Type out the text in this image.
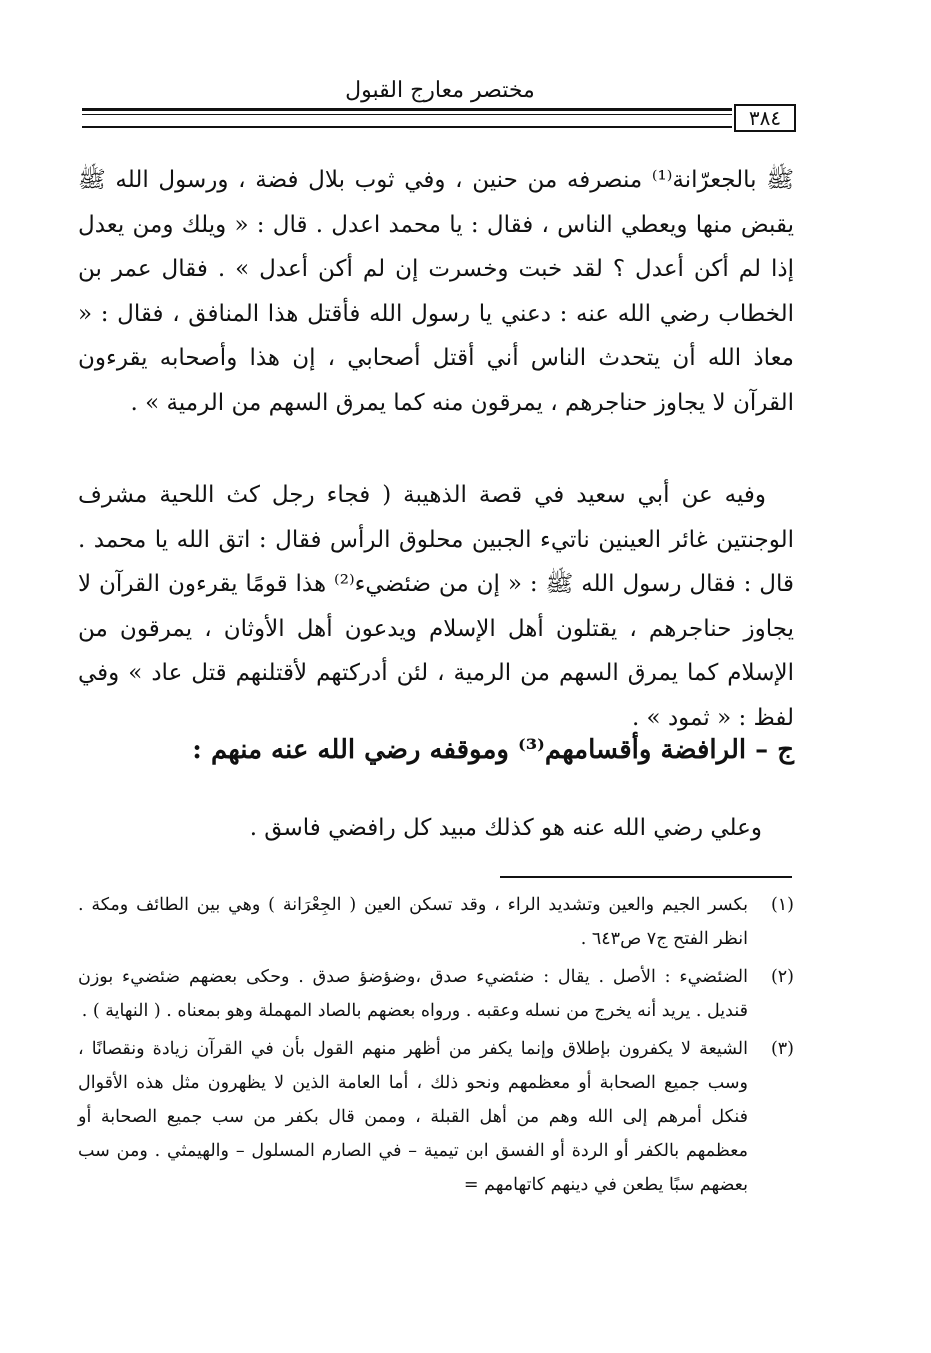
مختصر معارج القبول
٣٨٤

ﷺ بالجعرّانة⁽¹⁾ منصرفه من حنين ، وفي ثوب بلال فضة ، ورسول الله ﷺ يقبض منها ويعطي الناس ، فقال : يا محمد اعدل . قال : « ويلك ومن يعدل إذا لم أكن أعدل ؟ لقد خبت وخسرت إن لم أكن أعدل » . فقال عمر بن الخطاب رضي الله عنه : دعني يا رسول الله فأقتل هذا المنافق ، فقال : « معاذ الله أن يتحدث الناس أني أقتل أصحابي ، إن هذا وأصحابه يقرءون القرآن لا يجاوز حناجرهم ، يمرقون منه كما يمرق السهم من الرمية » .

وفيه عن أبي سعيد في قصة الذهيبة ( فجاء رجل كث اللحية مشرف الوجنتين غائر العينين ناتيء الجبين محلوق الرأس فقال : اتق الله يا محمد . قال : فقال رسول الله ﷺ : « إن من ضئضيء⁽²⁾ هذا قومًا يقرءون القرآن لا يجاوز حناجرهم ، يقتلون أهل الإسلام ويدعون أهل الأوثان ، يمرقون من الإسلام كما يمرق السهم من الرمية ، لئن أدركتهم لأقتلنهم قتل عاد » وفي لفظ : « ثمود » .

ج – الرافضة وأقسامهم⁽³⁾ وموقفه رضي الله عنه منهم :
وعلي رضي الله عنه هو كذلك مبيد كل رافضي فاسق .
(١)
بكسر الجيم والعين وتشديد الراء ، وقد تسكن العين ( الجِعْرَانة ) وهي بين الطائف ومكة . انظر الفتح ج٧ ص٦٤٣ .
(٢)
الضئضيء : الأصل . يقال : ضئضيء صدق ،وضؤضؤ صدق . وحكى بعضهم ضئضيء بوزن قنديل . يريد أنه يخرج من نسله وعقبه . ورواه بعضهم بالصاد المهملة وهو بمعناه . ( النهاية ) .
(٣)
الشيعة لا يكفرون بإطلاق وإنما يكفر من أظهر منهم القول بأن في القرآن زيادة ونقصانًا ، وسب جميع الصحابة أو معظمهم ونحو ذلك ، أما العامة الذين لا يظهرون مثل هذه الأقوال فنكل أمرهم إلى الله وهم من أهل القبلة ، وممن قال بكفر من سب جميع الصحابة أو معظمهم بالكفر أو الردة أو الفسق ابن تيمية – في الصارم المسلول – والهيمثي . ومن سب بعضهم سبًا يطعن في دينهم كاتهامهم =
